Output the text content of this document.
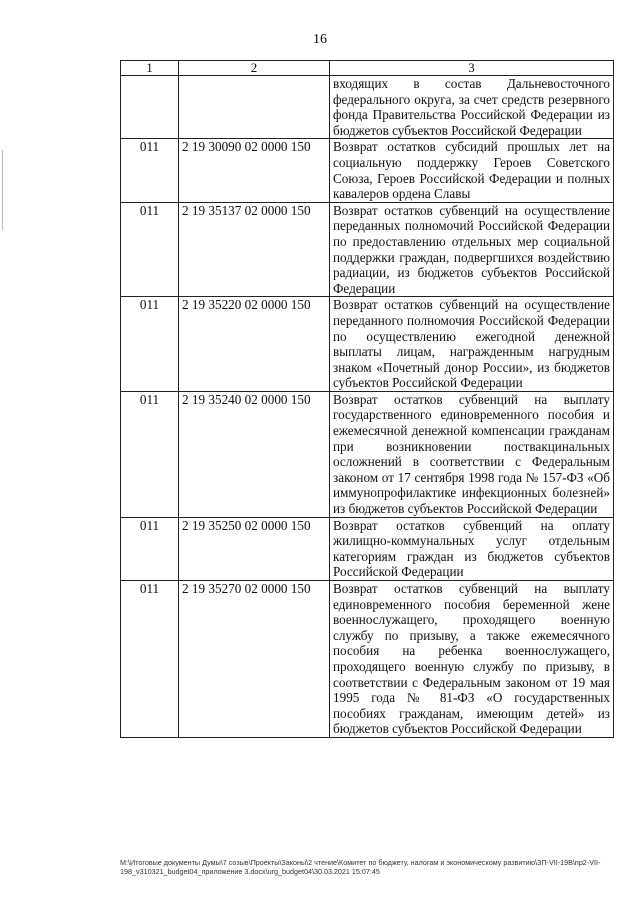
16
1	2	3
		входящих в состав Дальневосточного федерального округа, за счет средств резервного фонда Правительства Российской Федерации из бюджетов субъектов Российской Федерации
011	2 19 30090 02 0000 150	Возврат остатков субсидий прошлых лет на социальную поддержку Героев Советского Союза, Героев Российской Федерации и полных кавалеров ордена Славы
011	2 19 35137 02 0000 150	Возврат остатков субвенций на осуществление переданных полномочий Российской Федерации по предоставлению отдельных мер социальной поддержки граждан, подвергшихся воздействию радиации, из бюджетов субъектов Российской Федерации
011	2 19 35220 02 0000 150	Возврат остатков субвенций на осуществление переданного полномочия Российской Федерации по осуществлению ежегодной денежной выплаты лицам, награжденным нагрудным знаком «Почетный донор России», из бюджетов субъектов Российской Федерации
011	2 19 35240 02 0000 150	Возврат остатков субвенций на выплату государственного единовременного пособия и ежемесячной денежной компенсации гражданам при возникновении поствакцинальных осложнений в соответствии с Федеральным законом от 17 сентября 1998 года № 157-ФЗ «Об иммунопрофилактике инфекционных болезней» из бюджетов субъектов Российской Федерации
011	2 19 35250 02 0000 150	Возврат остатков субвенций на оплату жилищно-коммунальных услуг отдельным категориям граждан из бюджетов субъектов Российской Федерации
011	2 19 35270 02 0000 150	Возврат остатков субвенций на выплату единовременного пособия беременной жене военнослужащего, проходящего военную службу по призыву, а также ежемесячного пособия на ребенка военнослужащего, проходящего военную службу по призыву, в соответствии с Федеральным законом от 19 мая 1995 года № 81-ФЗ «О государственных пособиях гражданам, имеющим детей» из бюджетов субъектов Российской Федерации
M:\Итоговые документы Думы\7 созыв\Проекты\Законы\2 чтение\Комитет по бюджету, налогам и экономическому развитию\ЗП-VII-19В\пр2-VII-198_v310321_budget04_приложение 3.docx\urg_budget04\30.03.2021 15:07:45
